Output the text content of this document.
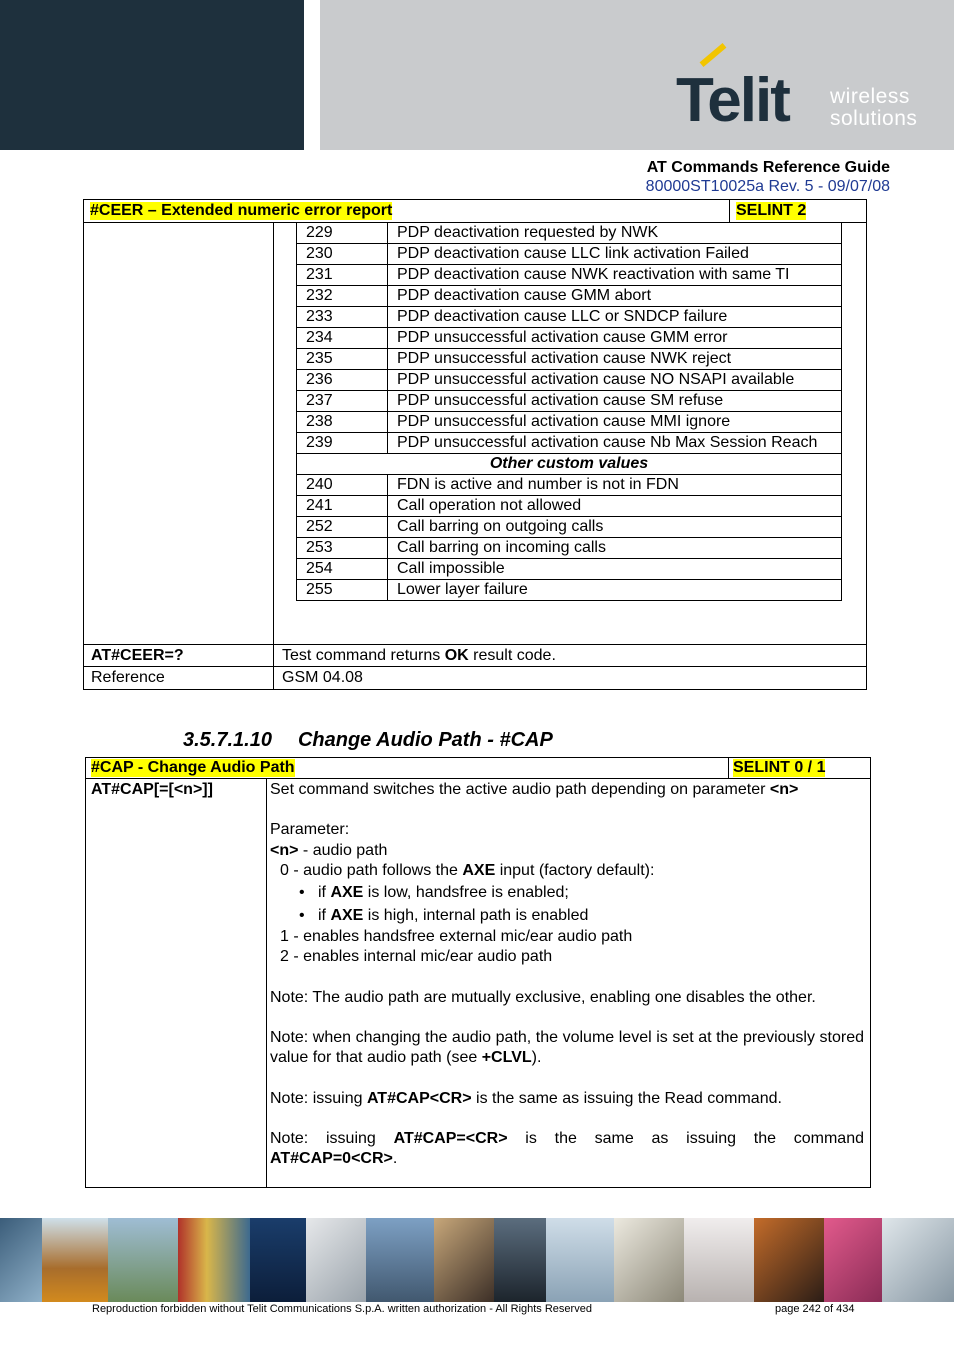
Telit wireless
solutions
AT Commands Reference Guide
80000ST10025a Rev. 5 - 09/07/08
#CEER – Extended numeric error report	SELINT 2
229	PDP deactivation requested by NWK
230	PDP deactivation cause LLC link activation Failed
231	PDP deactivation cause NWK reactivation with same TI
232	PDP deactivation cause GMM abort
233	PDP deactivation cause LLC or SNDCP failure
234	PDP unsuccessful activation cause GMM error
235	PDP unsuccessful activation cause NWK reject
236	PDP unsuccessful activation cause NO NSAPI available
237	PDP unsuccessful activation cause SM refuse
238	PDP unsuccessful activation cause MMI ignore
239	PDP unsuccessful activation cause Nb Max Session Reach
Other custom values
240	FDN is active and number is not in FDN
241	Call operation not allowed
252	Call barring on outgoing calls
253	Call barring on incoming calls
254	Call impossible
255	Lower layer failure
AT#CEER=?	Test command returns OK result code.
Reference	GSM 04.08
3.5.7.1.10 Change Audio Path - #CAP
#CAP - Change Audio Path	SELINT 0 / 1
AT#CAP[=[<n>]]	Set command switches the active audio path depending on parameter <n>

Parameter:

<n> - audio path

0 - audio path follows the AXE input (factory default):

• if AXE is low, handsfree is enabled;

• if AXE is high, internal path is enabled

1 - enables handsfree external mic/ear audio path

2 - enables internal mic/ear audio path

Note: The audio path are mutually exclusive, enabling one disables the other.

Note: when changing the audio path, the volume level is set at the previously stored value for that audio path (see +CLVL).

Note: issuing AT#CAP<CR> is the same as issuing the Read command.

Note: issuing AT#CAP=<CR> is the same as issuing the command AT#CAP=0<CR>.

Reproduction forbidden without Telit Communications S.p.A. written authorization - All Rights Reserved	page 242 of 434
